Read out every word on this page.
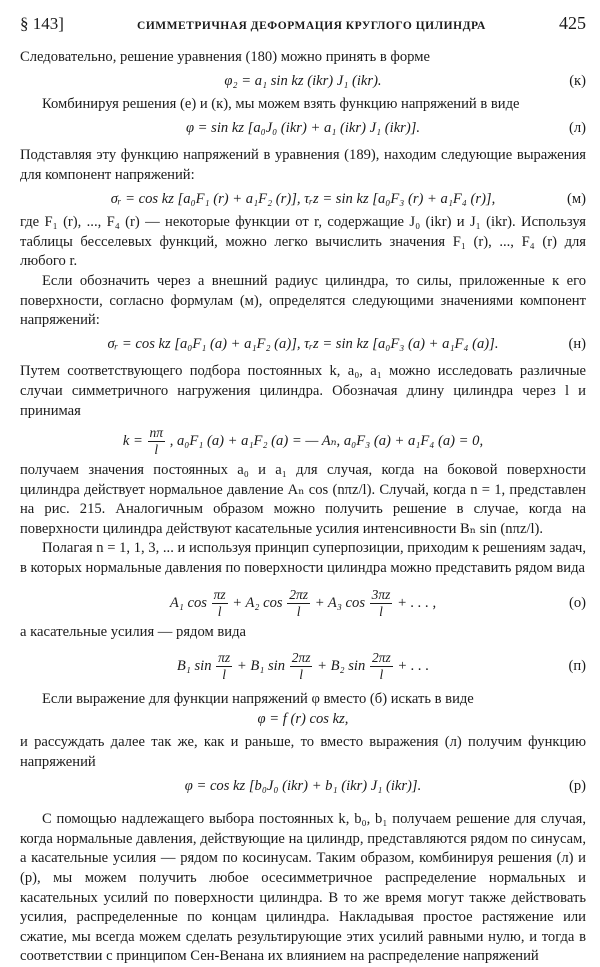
§ 143]	СИММЕТРИЧНАЯ ДЕФОРМАЦИЯ КРУГЛОГО ЦИЛИНДРА	425

Следовательно, решение уравнения (180) можно принять в форме

φ₂ = a₁ sin kz (ikr) J₁ (ikr).	(к)

Комбинируя решения (е) и (к), мы можем взять функцию напряжений в виде

φ = sin kz [a₀J₀ (ikr) + a₁ (ikr) J₁ (ikr)].	(л)

Подставляя эту функцию напряжений в уравнения (189), находим следующие выражения для компонент напряжений:

σᵣ = cos kz [a₀F₁ (r) + a₁F₂ (r)], τᵣz = sin kz [a₀F₃ (r) + a₁F₄ (r)],	(м)

где F₁ (r), ..., F₄ (r) — некоторые функции от r, содержащие J₀ (ikr) и J₁ (ikr). Используя таблицы бесселевых функций, можно легко вычислить значения F₁ (r), ..., F₄ (r) для любого r.

Если обозначить через a внешний радиус цилиндра, то силы, приложенные к его поверхности, согласно формулам (м), определятся следующими значениями компонент напряжений:

σᵣ = cos kz [a₀F₁ (a) + a₁F₂ (a)], τᵣz = sin kz [a₀F₃ (a) + a₁F₄ (a)].	(н)

Путем соответствующего подбора постоянных k, a₀, a₁ можно исследовать различные случаи симметричного нагружения цилиндра. Обозначая длину цилиндра через l и принимая

$k = \frac{n\pi}{l}$ , a₀F₁ (a) + a₁F₂ (a) = — Aₙ, a₀F₃ (a) + a₁F₄ (a) = 0,

получаем значения постоянных a₀ и a₁ для случая, когда на боковой поверхности цилиндра действует нормальное давление Aₙ cos (nπz/l). Случай, когда n = 1, представлен на рис. 215. Аналогичным образом можно получить решение в случае, когда на поверхности цилиндра действуют касательные усилия интенсивности Bₙ sin (nπz/l).

Полагая n = 1, 1, 3, ... и используя принцип суперпозиции, приходим к решениям задач, в которых нормальные давления по поверхности цилиндра можно представить рядом вида

A₁ $\cos \frac{\pi z}{l} + A_2$ $\cos \frac{2\pi z}{l} + A_3$ $\cos \frac{3\pi z}{l}$ + . . . ,	(о)

а касательные усилия — рядом вида

B₁ $\sin \frac{\pi z}{l} + B_1$ $\sin \frac{2\pi z}{l} + B_2$ $\sin \frac{2\pi z}{l}$ + . . .	(п)

Если выражение для функции напряжений φ вместо (б) искать в виде

φ = f (r) cos kz,

и рассуждать далее так же, как и раньше, то вместо выражения (л) получим функцию напряжений

φ = cos kz [b₀J₀ (ikr) + b₁ (ikr) J₁ (ikr)].	(р)

С помощью надлежащего выбора постоянных k, b₀, b₁ получаем решение для случая, когда нормальные давления, действующие на цилиндр, представляются рядом по синусам, а касательные усилия — рядом по косинусам. Таким образом, комбинируя решения (л) и (р), мы можем получить любое осесимметричное распределение нормальных и касательных усилий по поверхности цилиндра. В то же время могут также действовать усилия, распределенные по концам цилиндра. Накладывая простое растяжение или сжатие, мы всегда можем сделать результирующие этих усилий равными нулю, и тогда в соответствии с принципом Сен-Венана их влиянием на распределение напряжений
